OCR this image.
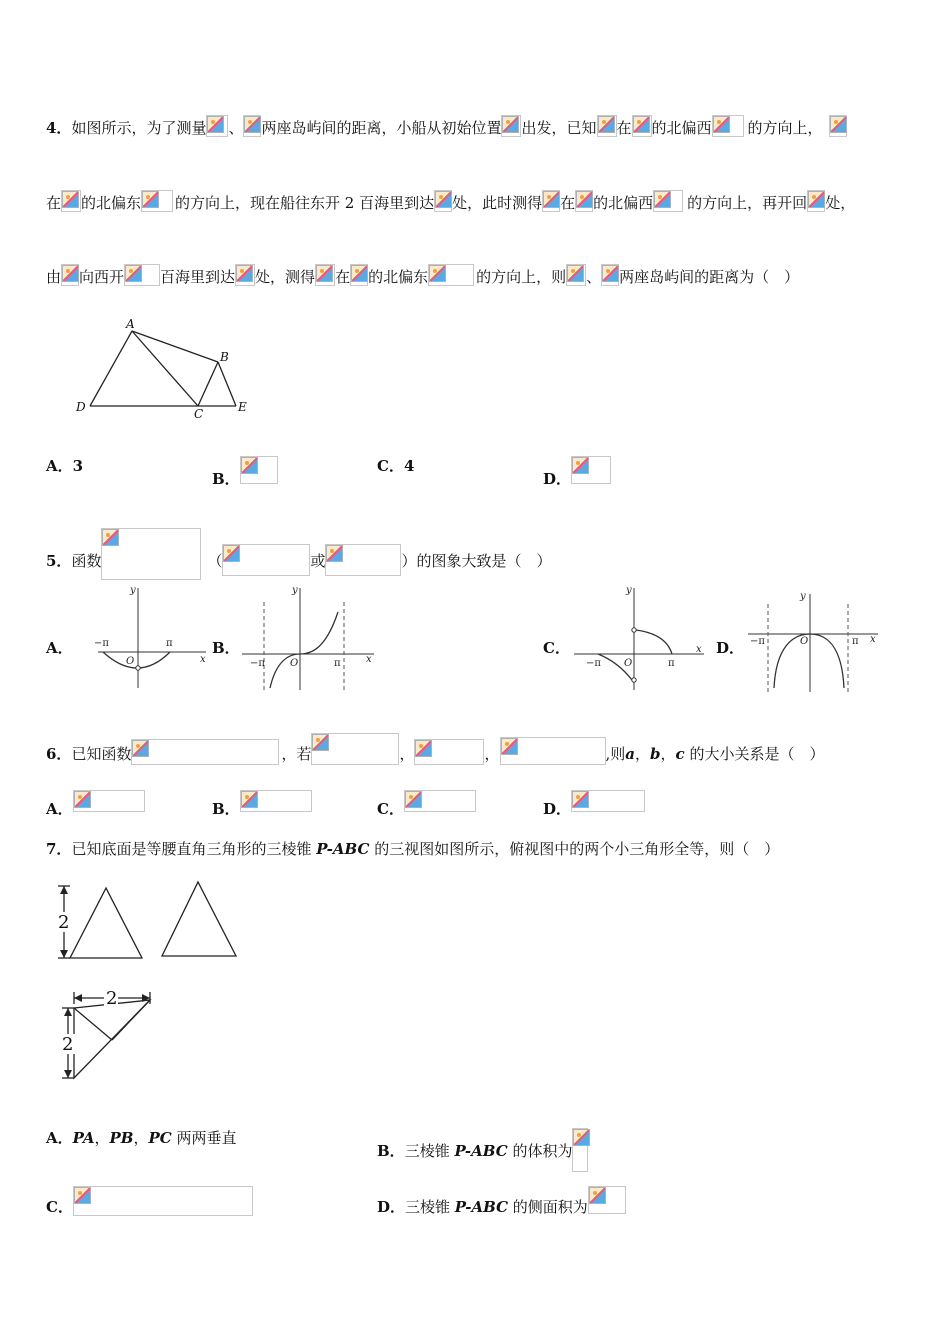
4．如图所示，为了测量 、 两座岛屿间的距离，小船从初始位置 出发，已知 在 的北偏西 的方向上，
在 的北偏东 的方向上，现在船往东开 2 百海里到达 处，此时测得 在 的北偏西 的方向上，再开回 处，
由 向西开 百海里到达 处，测得 在 的北偏东	的方向上，则 、 两座岛屿间的距离为（　）
A
B
D	C	E
A．3
B．
C．4
D．
5．函数	（	或	）的图象大致是（　）
A．	B．	C．	D．
y
x
O
−π	π
y
x
O
−π	π
y
x
O
−π	π
y
x
O
−π	π
6．已知函数	，若	，	，	,则a，b，c 的大小关系是（　）
A．	B．	C．	D．
7．已知底面是等腰直角三角形的三棱锥 P-ABC 的三视图如图所示，俯视图中的两个小三角形全等，则（　）
2
2
2
A．PA，PB，PC 两两垂直
B．三棱锥 P-ABC 的体积为
C．	D．三棱锥 P-ABC 的侧面积为
